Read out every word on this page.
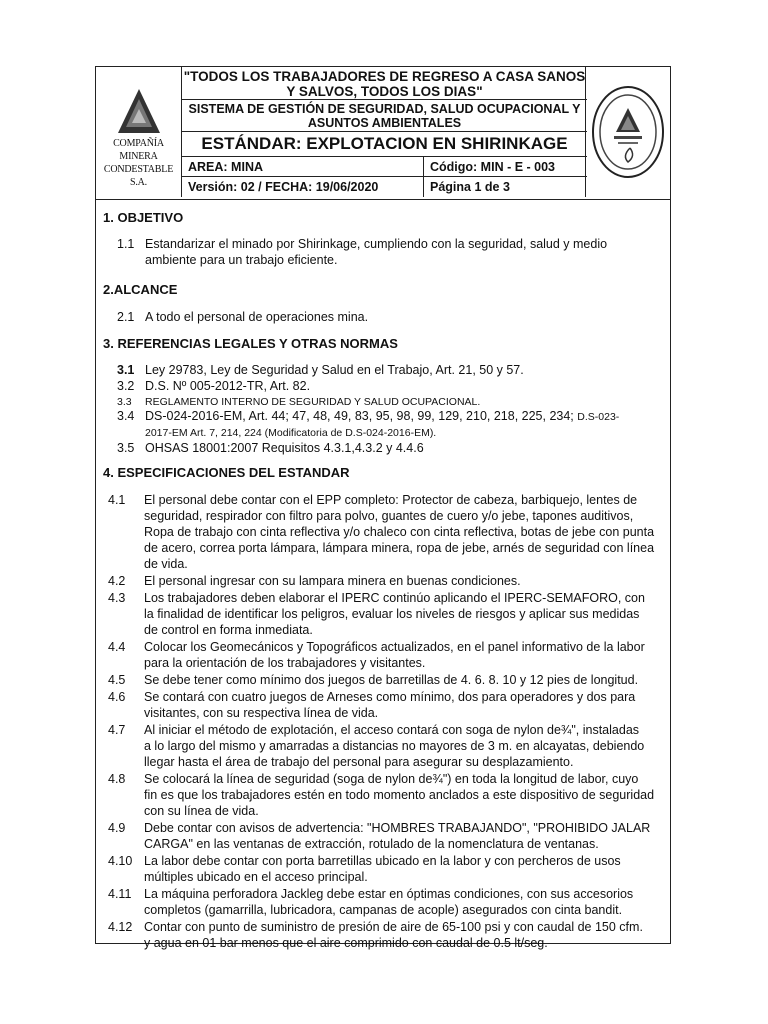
COMPAÑÍA MINERA
CONDESTABLE S.A.
"TODOS LOS TRABAJADORES DE REGRESO A CASA SANOS Y SALVOS, TODOS LOS DIAS"
SISTEMA DE GESTIÓN DE SEGURIDAD, SALUD OCUPACIONAL Y ASUNTOS AMBIENTALES
ESTÁNDAR: EXPLOTACION EN SHIRINKAGE
AREA: MINA	Código: MIN - E - 003
Versión: 02 / FECHA: 19/06/2020	Página 1 de 3
1. OBJETIVO
1.1 Estandarizar el minado por Shirinkage, cumpliendo con la seguridad, salud y medio ambiente para un trabajo eficiente.
2.ALCANCE
2.1 A todo el personal de operaciones mina.
3. REFERENCIAS LEGALES Y OTRAS NORMAS
3.1 Ley 29783, Ley de Seguridad y Salud en el Trabajo, Art. 21, 50 y 57.
3.2 D.S. Nº 005-2012-TR, Art. 82.
3.3 REGLAMENTO INTERNO DE SEGURIDAD Y SALUD OCUPACIONAL.
3.4 DS-024-2016-EM, Art. 44; 47, 48, 49, 83, 95, 98, 99, 129, 210, 218, 225, 234; D.S-023-
2017-EM Art. 7, 214, 224 (Modificatoria de D.S-024-2016-EM).
3.5 OHSAS 18001:2007 Requisitos 4.3.1,4.3.2 y 4.4.6
4. ESPECIFICACIONES DEL ESTANDAR
4.1 El personal debe contar con el EPP completo: Protector de cabeza, barbiquejo, lentes de
seguridad, respirador con filtro para polvo, guantes de cuero y/o jebe, tapones auditivos,
Ropa de trabajo con cinta reflectiva y/o chaleco con cinta reflectiva, botas de jebe con punta
de acero, correa porta lámpara, lámpara minera, ropa de jebe, arnés de seguridad con línea
de vida.
4.2 El personal ingresar con su lampara minera en buenas condiciones.
4.3 Los trabajadores deben elaborar el IPERC continúo aplicando el IPERC-SEMAFORO, con
la finalidad de identificar los peligros, evaluar los niveles de riesgos y aplicar sus medidas
de control en forma inmediata.
4.4 Colocar los Geomecánicos y Topográficos actualizados, en el panel informativo de la labor
para la orientación de los trabajadores y visitantes.
4.5 Se debe tener como mínimo dos juegos de barretillas de 4. 6. 8. 10 y 12 pies de longitud.
4.6 Se contará con cuatro juegos de Arneses como mínimo, dos para operadores y dos para
visitantes, con su respectiva línea de vida.
4.7 Al iniciar el método de explotación, el acceso contará con soga de nylon de¾", instaladas
a lo largo del mismo y amarradas a distancias no mayores de 3 m. en alcayatas, debiendo
llegar hasta el área de trabajo del personal para asegurar su desplazamiento.
4.8 Se colocará la línea de seguridad (soga de nylon de¾") en toda la longitud de labor, cuyo
fin es que los trabajadores estén en todo momento anclados a este dispositivo de seguridad
con su línea de vida.
4.9 Debe contar con avisos de advertencia: "HOMBRES TRABAJANDO", "PROHIBIDO JALAR
CARGA" en las ventanas de extracción, rotulado de la nomenclatura de ventanas.
4.10 La labor debe contar con porta barretillas ubicado en la labor y con percheros de usos
múltiples ubicado en el acceso principal.
4.11 La máquina perforadora Jackleg debe estar en óptimas condiciones, con sus accesorios
completos (gamarrilla, lubricadora, campanas de acople) asegurados con cinta bandit.
4.12 Contar con punto de suministro de presión de aire de 65-100 psi y con caudal de 150 cfm.
y agua en 01 bar menos que el aire comprimido con caudal de 0.5 lt/seg.
